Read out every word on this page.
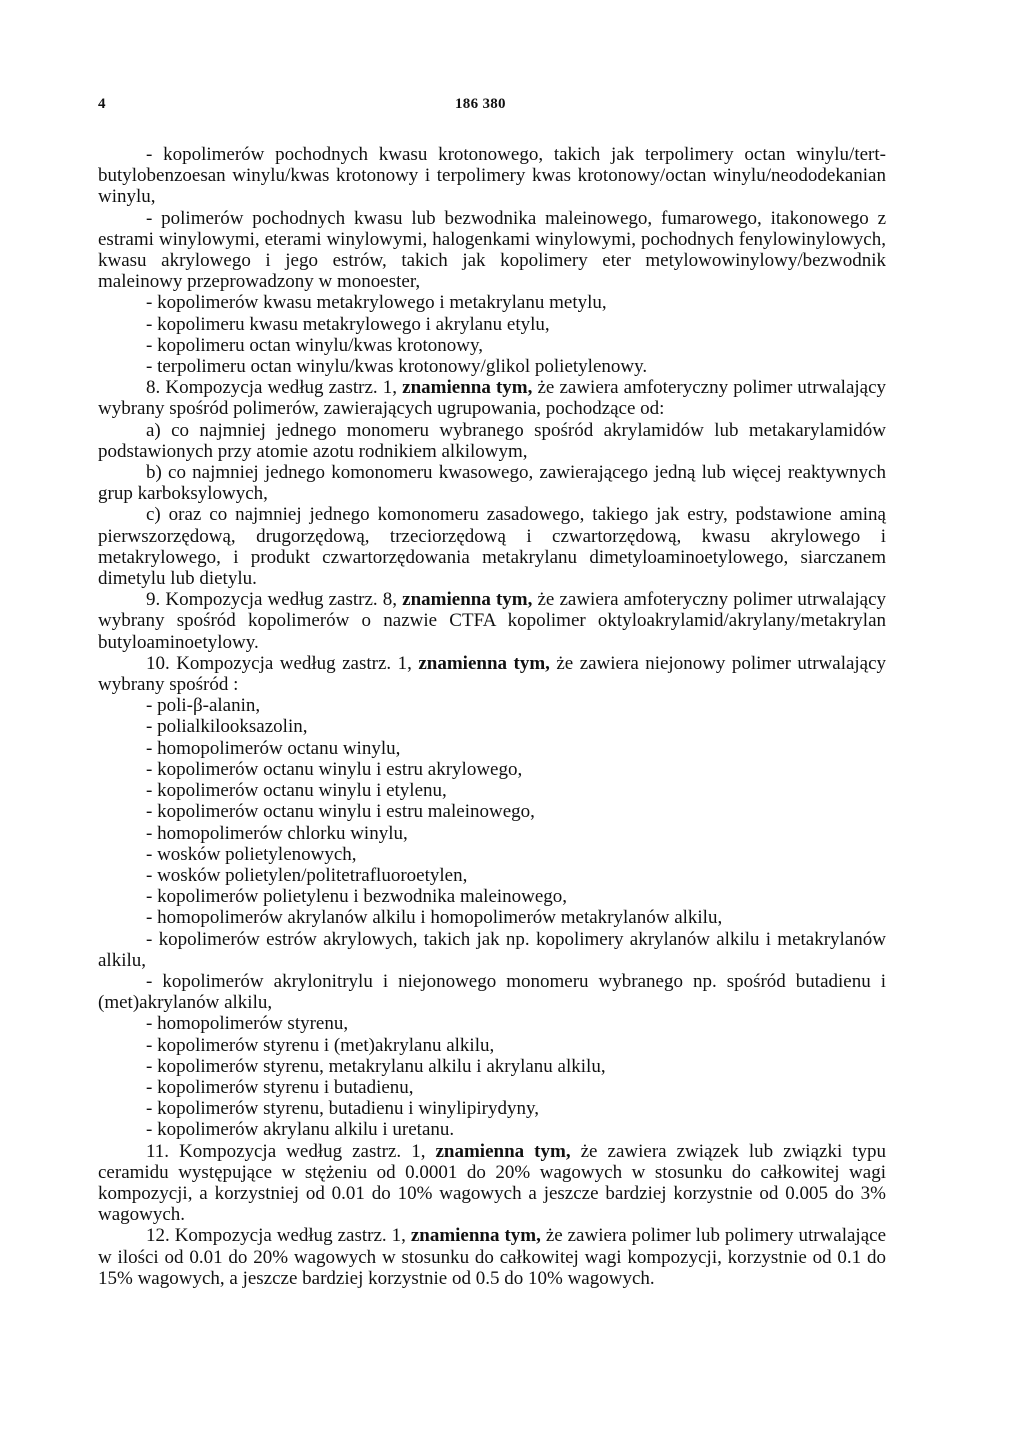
4	186 380

- kopolimerów pochodnych kwasu krotonowego, takich jak terpolimery octan winylu/tert-butylobenzoesan winylu/kwas krotonowy i terpolimery kwas krotonowy/octan winylu/neododekanian winylu,

- polimerów pochodnych kwasu lub bezwodnika maleinowego, fumarowego, itakonowego z estrami winylowymi, eterami winylowymi, halogenkami winylowymi, pochodnych fenylowinylowych, kwasu akrylowego i jego estrów, takich jak kopolimery eter metylowowinylowy/bezwodnik maleinowy przeprowadzony w monoester,

- kopolimerów kwasu metakrylowego i metakrylanu metylu,

- kopolimeru kwasu metakrylowego i akrylanu etylu,

- kopolimeru octan winylu/kwas krotonowy,

- terpolimeru octan winylu/kwas krotonowy/glikol polietylenowy.

8. Kompozycja według zastrz. 1, znamienna tym, że zawiera amfoteryczny polimer utrwalający wybrany spośród polimerów, zawierających ugrupowania, pochodzące od:

a) co najmniej jednego monomeru wybranego spośród akrylamidów lub metakarylamidów podstawionych przy atomie azotu rodnikiem alkilowym,

b) co najmniej jednego komonomeru kwasowego, zawierającego jedną lub więcej reaktywnych grup karboksylowych,

c) oraz co najmniej jednego komonomeru zasadowego, takiego jak estry, podstawione aminą pierwszorzędową, drugorzędową, trzeciorzędową i czwartorzędową, kwasu akrylowego i metakrylowego, i produkt czwartorzędowania metakrylanu dimetyloaminoetylowego, siarczanem dimetylu lub dietylu.

9. Kompozycja według zastrz. 8, znamienna tym, że zawiera amfoteryczny polimer utrwalający wybrany spośród kopolimerów o nazwie CTFA kopolimer oktyloakrylamid/akrylany/metakrylan butyloaminoetylowy.

10. Kompozycja według zastrz. 1, znamienna tym, że zawiera niejonowy polimer utrwalający wybrany spośród :

- poli-β-alanin,

- polialkilooksazolin,

- homopolimerów octanu winylu,

- kopolimerów octanu winylu i estru akrylowego,

- kopolimerów octanu winylu i etylenu,

- kopolimerów octanu winylu i estru maleinowego,

- homopolimerów chlorku winylu,

- wosków polietylenowych,

- wosków polietylen/politetrafluoroetylen,

- kopolimerów polietylenu i bezwodnika maleinowego,

- homopolimerów akrylanów alkilu i homopolimerów metakrylanów alkilu,

- kopolimerów estrów akrylowych, takich jak np. kopolimery akrylanów alkilu i metakrylanów alkilu,

- kopolimerów akrylonitrylu i niejonowego monomeru wybranego np. spośród butadienu i (met)akrylanów alkilu,

- homopolimerów styrenu,

- kopolimerów styrenu i (met)akrylanu alkilu,

- kopolimerów styrenu, metakrylanu alkilu i akrylanu alkilu,

- kopolimerów styrenu i butadienu,

- kopolimerów styrenu, butadienu i winylipirydyny,

- kopolimerów akrylanu alkilu i uretanu.

11. Kompozycja według zastrz. 1, znamienna tym, że zawiera związek lub związki typu ceramidu występujące w stężeniu od 0.0001 do 20% wagowych w stosunku do całkowitej wagi kompozycji, a korzystniej od 0.01 do 10% wagowych a jeszcze bardziej korzystnie od 0.005 do 3% wagowych.

12. Kompozycja według zastrz. 1, znamienna tym, że zawiera polimer lub polimery utrwalające w ilości od 0.01 do 20% wagowych w stosunku do całkowitej wagi kompozycji, korzystnie od 0.1 do 15% wagowych, a jeszcze bardziej korzystnie od 0.5 do 10% wagowych.
